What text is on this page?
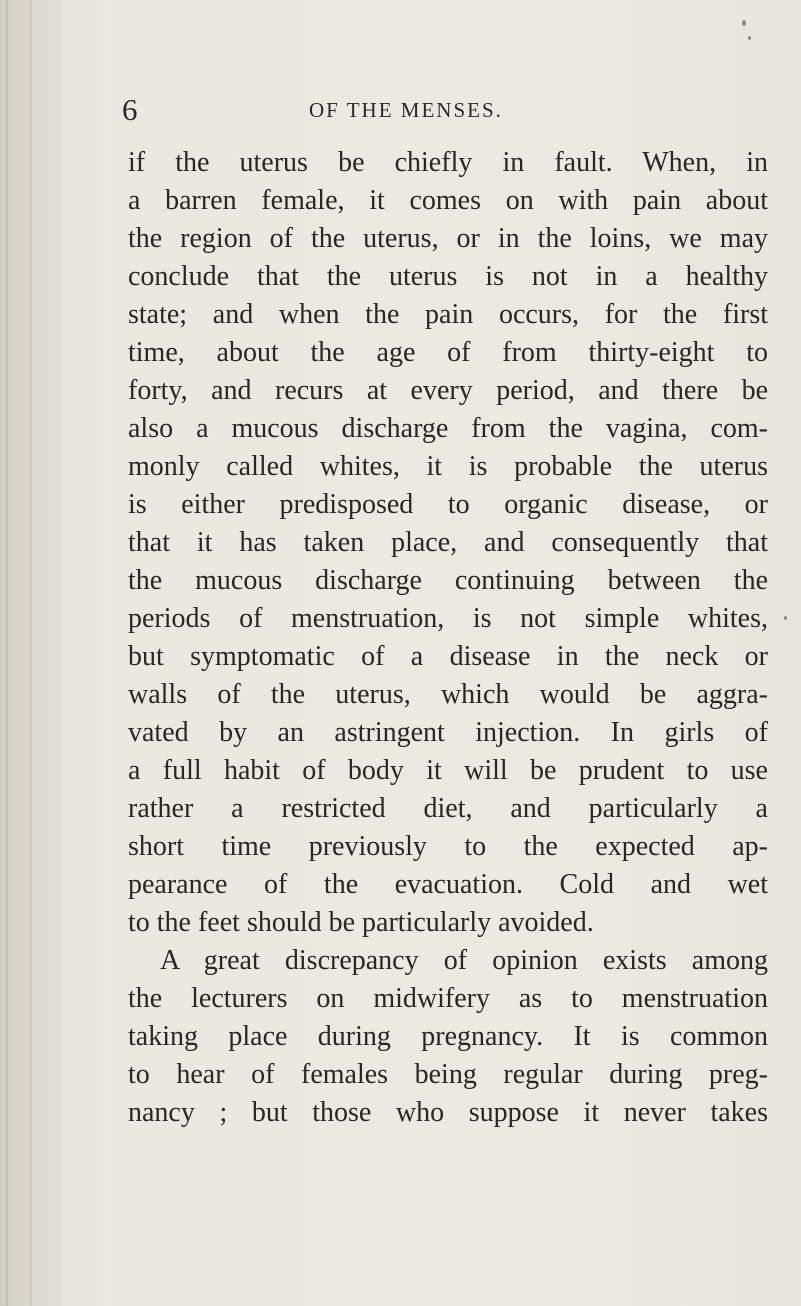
6	OF THE MENSES.
if the uterus be chiefly in fault. When, in
a barren female, it comes on with pain about
the region of the uterus, or in the loins, we may
conclude that the uterus is not in a healthy
state; and when the pain occurs, for the first
time, about the age of from thirty-eight to
forty, and recurs at every period, and there be
also a mucous discharge from the vagina, com-
monly called whites, it is probable the uterus
is either predisposed to organic disease, or
that it has taken place, and consequently that
the mucous discharge continuing between the
periods of menstruation, is not simple whites,
but symptomatic of a disease in the neck or
walls of the uterus, which would be aggra-
vated by an astringent injection. In girls of
a full habit of body it will be prudent to use
rather a restricted diet, and particularly a
short time previously to the expected ap-
pearance of the evacuation. Cold and wet
to the feet should be particularly avoided.
A great discrepancy of opinion exists among
the lecturers on midwifery as to menstruation
taking place during pregnancy. It is common
to hear of females being regular during preg-
nancy ; but those who suppose it never takes
